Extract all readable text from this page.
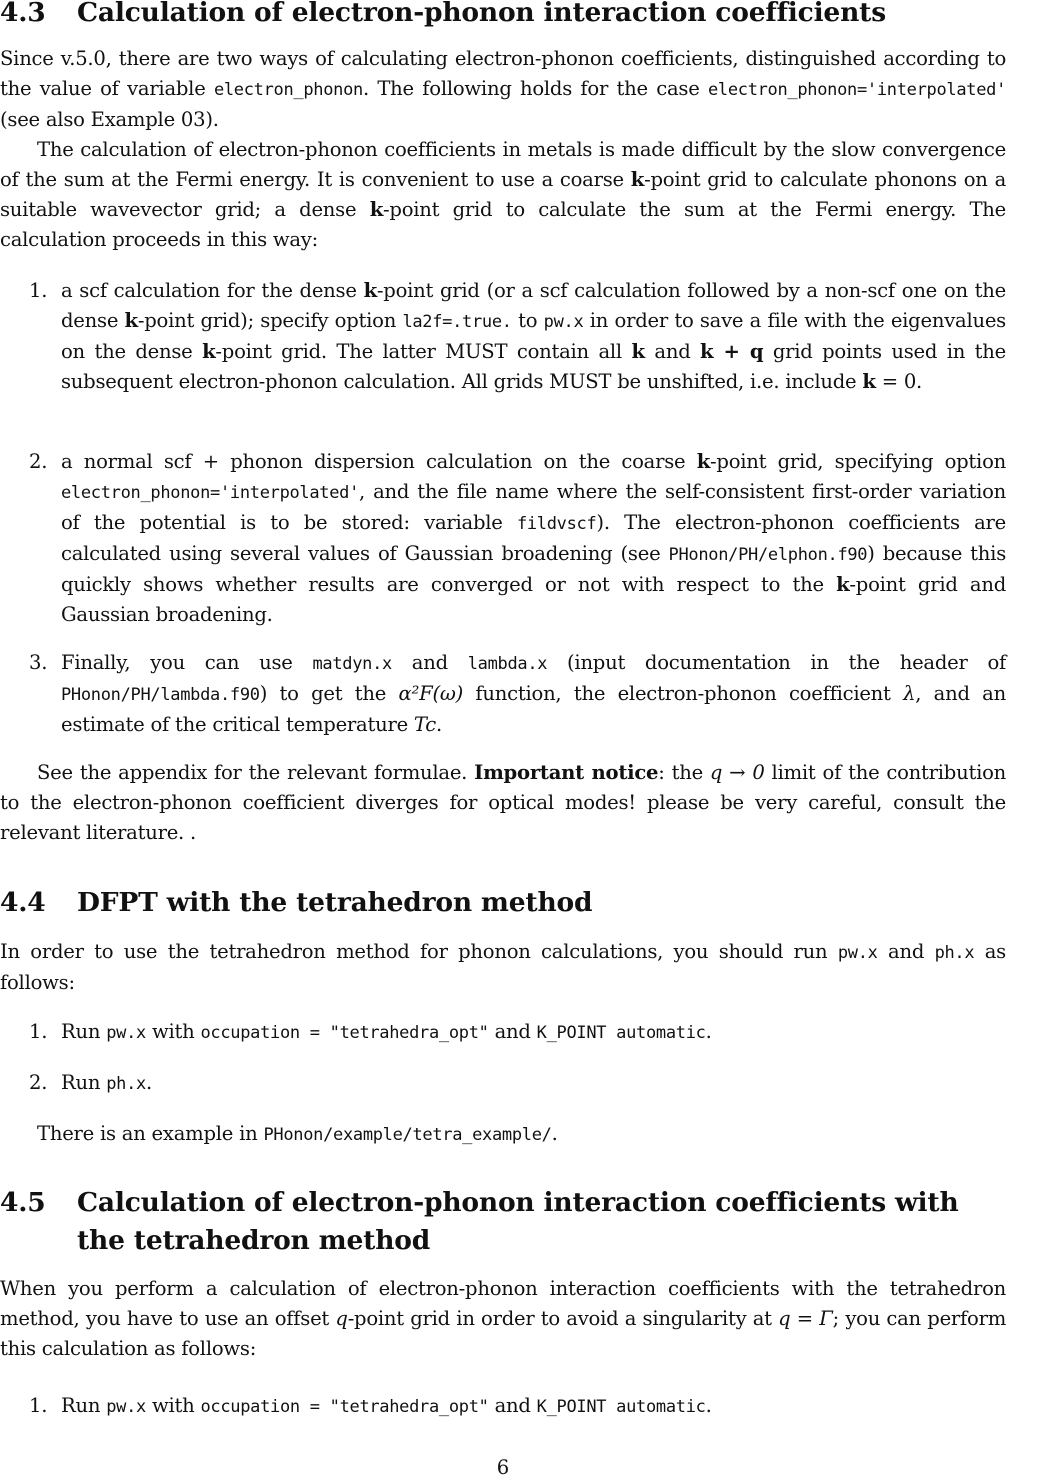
4.3 Calculation of electron-phonon interaction coefficients

Since v.5.0, there are two ways of calculating electron-phonon coefficients, distinguished according to the value of variable electron_phonon. The following holds for the case electron_phonon='interpolated' (see also Example 03).

The calculation of electron-phonon coefficients in metals is made difficult by the slow convergence of the sum at the Fermi energy. It is convenient to use a coarse k-point grid to calculate phonons on a suitable wavevector grid; a dense k-point grid to calculate the sum at the Fermi energy. The calculation proceeds in this way:

1. a scf calculation for the dense k-point grid (or a scf calculation followed by a non-scf one on the dense k-point grid); specify option la2f=.true. to pw.x in order to save a file with the eigenvalues on the dense k-point grid. The latter MUST contain all k and k + q grid points used in the subsequent electron-phonon calculation. All grids MUST be unshifted, i.e. include k = 0.

2. a normal scf + phonon dispersion calculation on the coarse k-point grid, specifying option electron_phonon='interpolated', and the file name where the self-consistent first-order variation of the potential is to be stored: variable fildvscf). The electron-phonon coefficients are calculated using several values of Gaussian broadening (see PHonon/PH/elphon.f90) because this quickly shows whether results are converged or not with respect to the k-point grid and Gaussian broadening.

3. Finally, you can use matdyn.x and lambda.x (input documentation in the header of PHonon/PH/lambda.f90) to get the α²F(ω) function, the electron-phonon coefficient λ, and an estimate of the critical temperature Tc.

See the appendix for the relevant formulae. Important notice: the q → 0 limit of the contribution to the electron-phonon coefficient diverges for optical modes! please be very careful, consult the relevant literature. .

4.4 DFPT with the tetrahedron method

In order to use the tetrahedron method for phonon calculations, you should run pw.x and ph.x as follows:

1. Run pw.x with occupation = "tetrahedra_opt" and K_POINT automatic.

2. Run ph.x.

There is an example in PHonon/example/tetra_example/.

4.5 Calculation of electron-phonon interaction coefficients with the tetrahedron method

When you perform a calculation of electron-phonon interaction coefficients with the tetrahedron method, you have to use an offset q-point grid in order to avoid a singularity at q = Γ; you can perform this calculation as follows:

1. Run pw.x with occupation = "tetrahedra_opt" and K_POINT automatic.

6
